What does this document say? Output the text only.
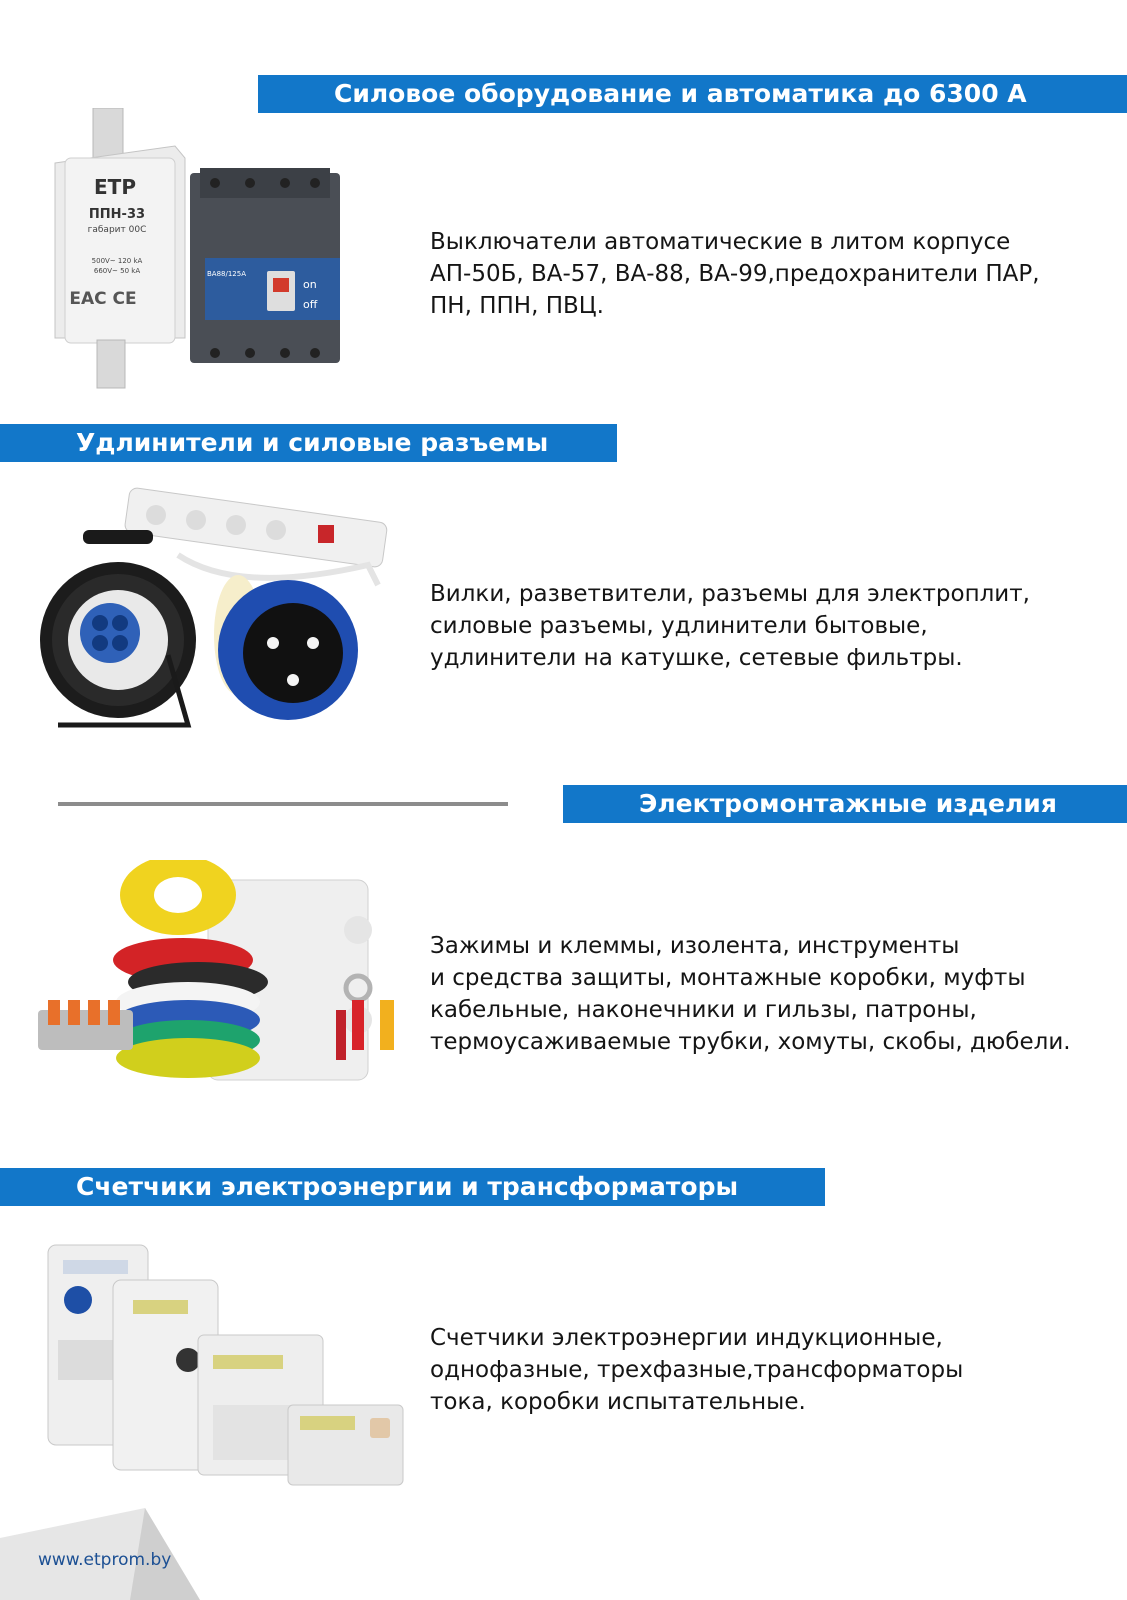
Силовое оборудование и автоматика до 6300 А
ETP
ППН-33
габарит 00С
500V~ 120 kA
660V~ 50 kA
EAC CE
ВА88/125А
on
off
Выключатели автоматические в литом корпусе
АП-50Б, ВА-57, ВА-88, ВА-99,предохранители ПАР,
ПН, ППН, ПВЦ.
Удлинители и силовые разъемы
Вилки, разветвители, разъемы для электроплит,
силовые разъемы, удлинители бытовые,
удлинители на катушке, сетевые фильтры.
Электромонтажные изделия
Зажимы и клеммы, изолента, инструменты
и средства защиты, монтажные коробки, муфты
кабельные, наконечники и гильзы, патроны,
термоусаживаемые трубки, хомуты, скобы, дюбели.
Счетчики электроэнергии и трансформаторы
Счетчики электроэнергии индукционные,
однофазные, трехфазные,трансформаторы
тока, коробки испытательные.
www.etprom.by
